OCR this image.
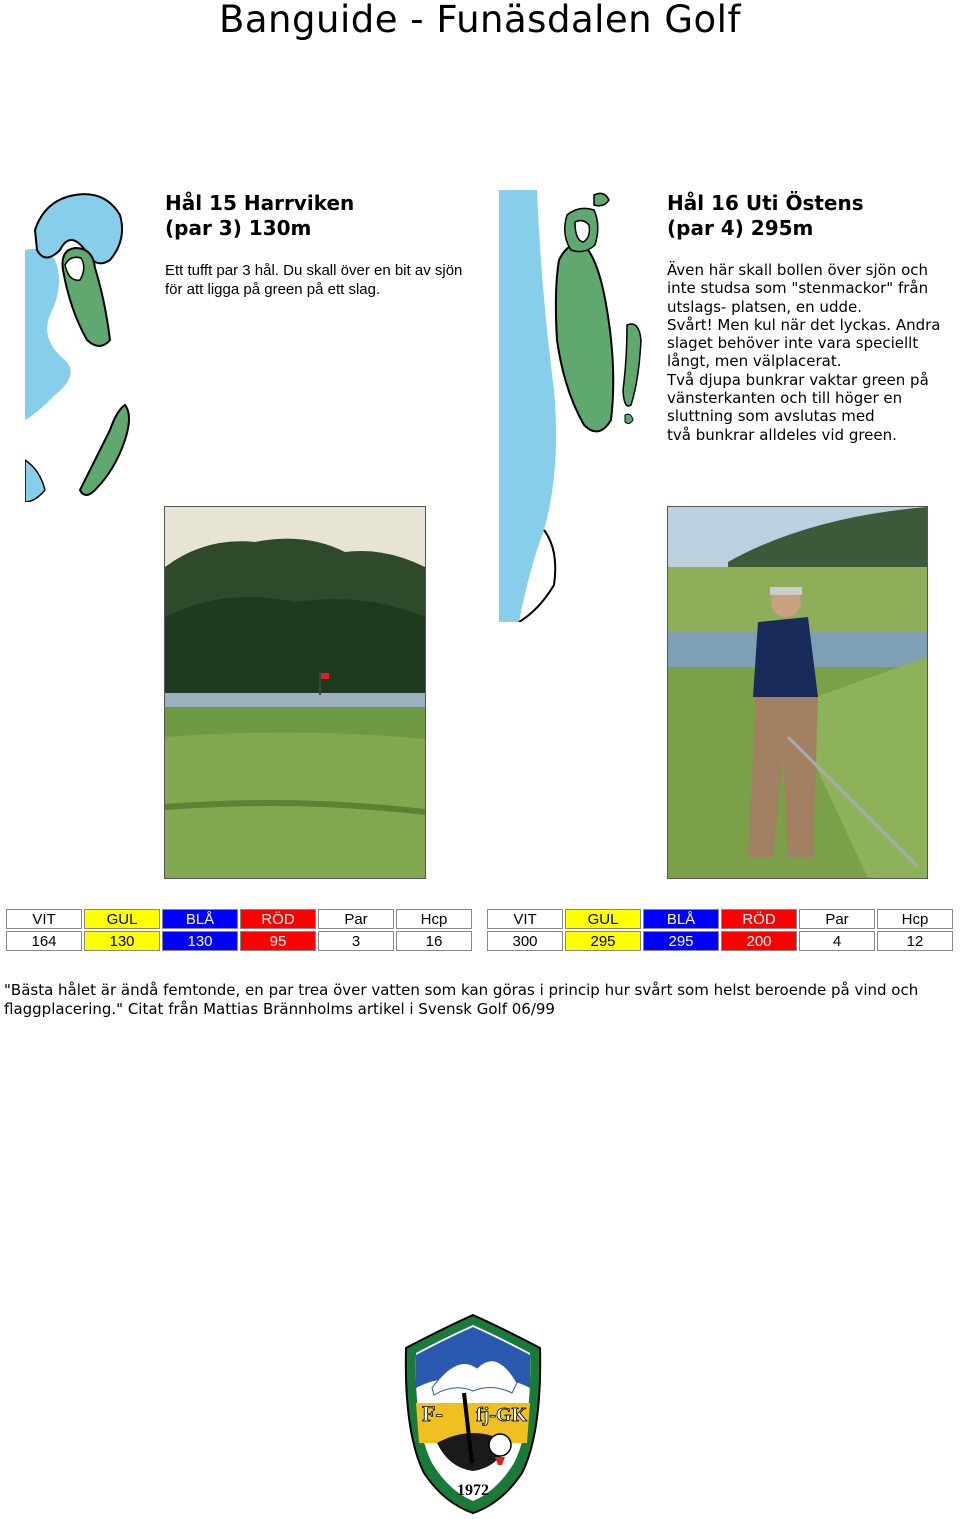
Banguide - Funäsdalen Golf
Hål 15 Harrviken
(par 3) 130m
Ett tufft par 3 hål. Du skall över en bit av sjön för att ligga på green på ett slag.
Hål 16 Uti Östens
(par 4) 295m
Även här skall bollen över sjön och
inte studsa som "stenmackor" från
utslags- platsen, en udde.
Svårt! Men kul när det lyckas. Andra
slaget behöver inte vara speciellt
långt, men välplacerat.
Två djupa bunkrar vaktar green på
vänsterkanten och till höger en
sluttning som avslutas med
två bunkrar alldeles vid green.
VIT	GUL	BLÅ	RÖD	Par	Hcp
164	130	130	95	3	16
VIT	GUL	BLÅ	RÖD	Par	Hcp
300	295	295	200	4	12
"Bästa hålet är ändå femtonde, en par trea över vatten som kan göras i princip hur svårt som helst beroende på vind och flaggplacering." Citat från Mattias Brännholms artikel i Svensk Golf 06/99
F- fj-GK
1972
